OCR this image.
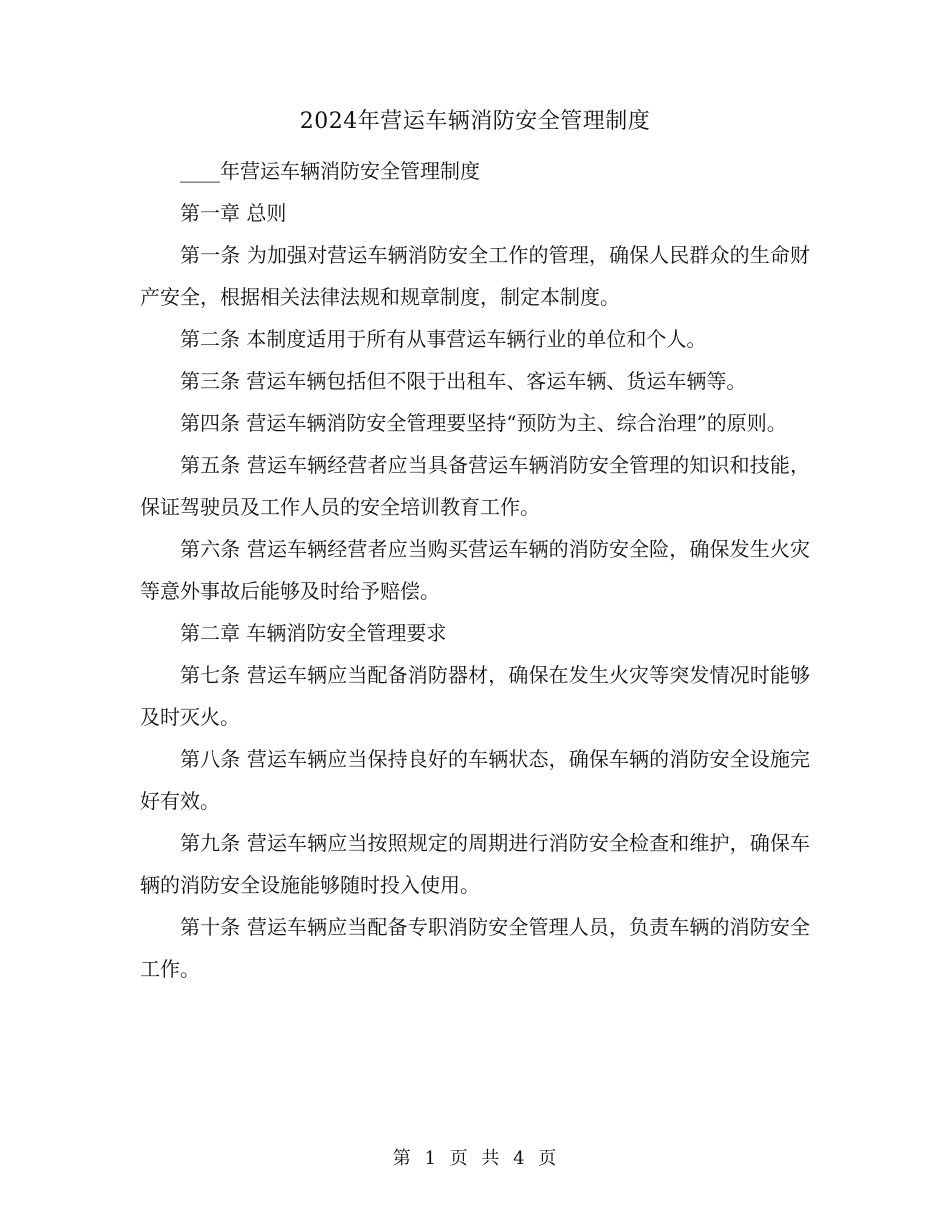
2024年营运车辆消防安全管理制度

____年营运车辆消防安全管理制度

第一章 总则

第一条 为加强对营运车辆消防安全工作的管理，确保人民群众的生命财产安全，根据相关法律法规和规章制度，制定本制度。

第二条 本制度适用于所有从事营运车辆行业的单位和个人。

第三条 营运车辆包括但不限于出租车、客运车辆、货运车辆等。

第四条 营运车辆消防安全管理要坚持“预防为主、综合治理”的原则。

第五条 营运车辆经营者应当具备营运车辆消防安全管理的知识和技能，保证驾驶员及工作人员的安全培训教育工作。

第六条 营运车辆经营者应当购买营运车辆的消防安全险，确保发生火灾等意外事故后能够及时给予赔偿。

第二章 车辆消防安全管理要求

第七条 营运车辆应当配备消防器材，确保在发生火灾等突发情况时能够及时灭火。

第八条 营运车辆应当保持良好的车辆状态，确保车辆的消防安全设施完好有效。

第九条 营运车辆应当按照规定的周期进行消防安全检查和维护，确保车辆的消防安全设施能够随时投入使用。

第十条 营运车辆应当配备专职消防安全管理人员，负责车辆的消防安全工作。

第 1 页 共 4 页
